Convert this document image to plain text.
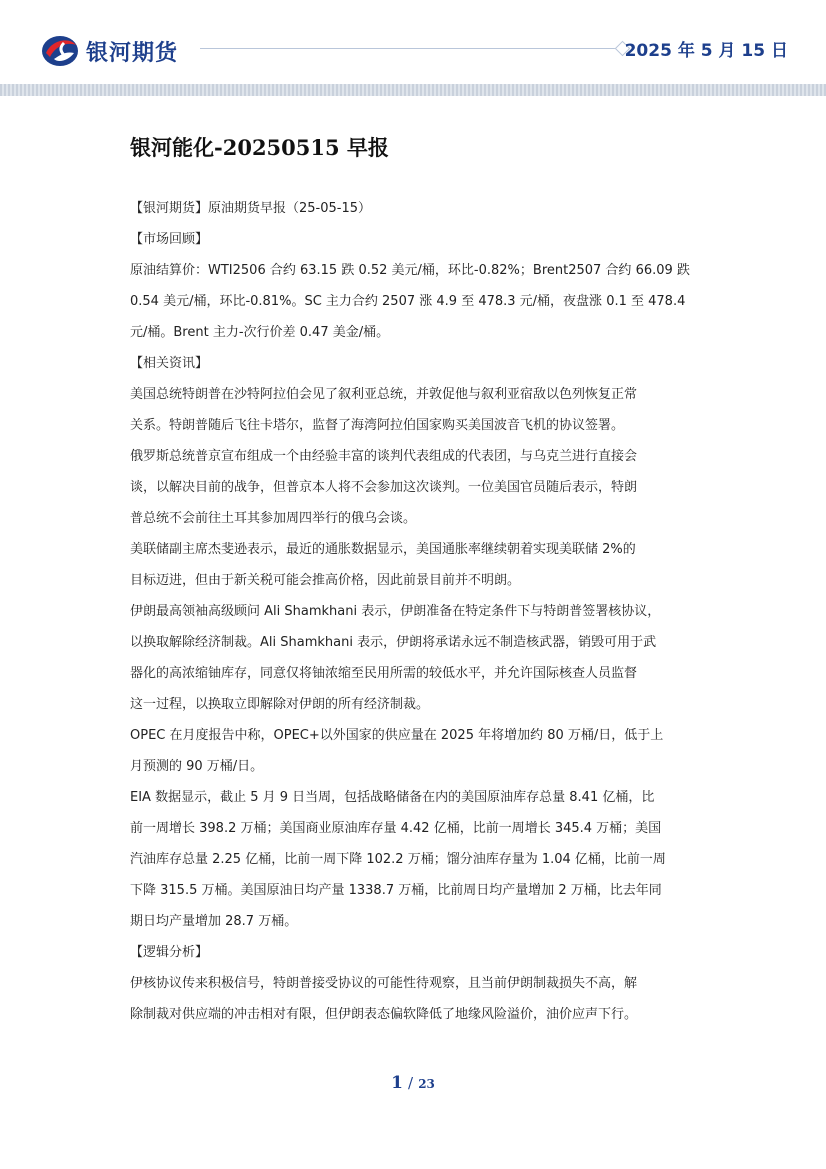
银河期货	2025 年 5 月 15 日
银河能化-20250515 早报
【银河期货】原油期货早报（25-05-15）
【市场回顾】
原油结算价：WTI2506 合约 63.15 跌 0.52 美元/桶，环比-0.82%；Brent2507 合约 66.09 跌
0.54 美元/桶，环比-0.81%。SC 主力合约 2507 涨 4.9 至 478.3 元/桶，夜盘涨 0.1 至 478.4
元/桶。Brent 主力-次行价差 0.47 美金/桶。
【相关资讯】
美国总统特朗普在沙特阿拉伯会见了叙利亚总统，并敦促他与叙利亚宿敌以色列恢复正常
关系。特朗普随后飞往卡塔尔，监督了海湾阿拉伯国家购买美国波音飞机的协议签署。
俄罗斯总统普京宣布组成一个由经验丰富的谈判代表组成的代表团，与乌克兰进行直接会
谈，以解决目前的战争，但普京本人将不会参加这次谈判。一位美国官员随后表示，特朗
普总统不会前往土耳其参加周四举行的俄乌会谈。
美联储副主席杰斐逊表示，最近的通胀数据显示，美国通胀率继续朝着实现美联储 2%的
目标迈进，但由于新关税可能会推高价格，因此前景目前并不明朗。
伊朗最高领袖高级顾问 Ali Shamkhani 表示，伊朗准备在特定条件下与特朗普签署核协议，
以换取解除经济制裁。Ali Shamkhani 表示，伊朗将承诺永远不制造核武器，销毁可用于武
器化的高浓缩铀库存，同意仅将铀浓缩至民用所需的较低水平，并允许国际核查人员监督
这一过程，以换取立即解除对伊朗的所有经济制裁。
OPEC 在月度报告中称，OPEC+以外国家的供应量在 2025 年将增加约 80 万桶/日，低于上
月预测的 90 万桶/日。
EIA 数据显示，截止 5 月 9 日当周，包括战略储备在内的美国原油库存总量 8.41 亿桶，比
前一周增长 398.2 万桶；美国商业原油库存量 4.42 亿桶，比前一周增长 345.4 万桶；美国
汽油库存总量 2.25 亿桶，比前一周下降 102.2 万桶；馏分油库存量为 1.04 亿桶，比前一周
下降 315.5 万桶。美国原油日均产量 1338.7 万桶，比前周日均产量增加 2 万桶，比去年同
期日均产量增加 28.7 万桶。
【逻辑分析】
伊核协议传来积极信号，特朗普接受协议的可能性待观察，且当前伊朗制裁损失不高，解
除制裁对供应端的冲击相对有限，但伊朗表态偏软降低了地缘风险溢价，油价应声下行。
1 / 23
